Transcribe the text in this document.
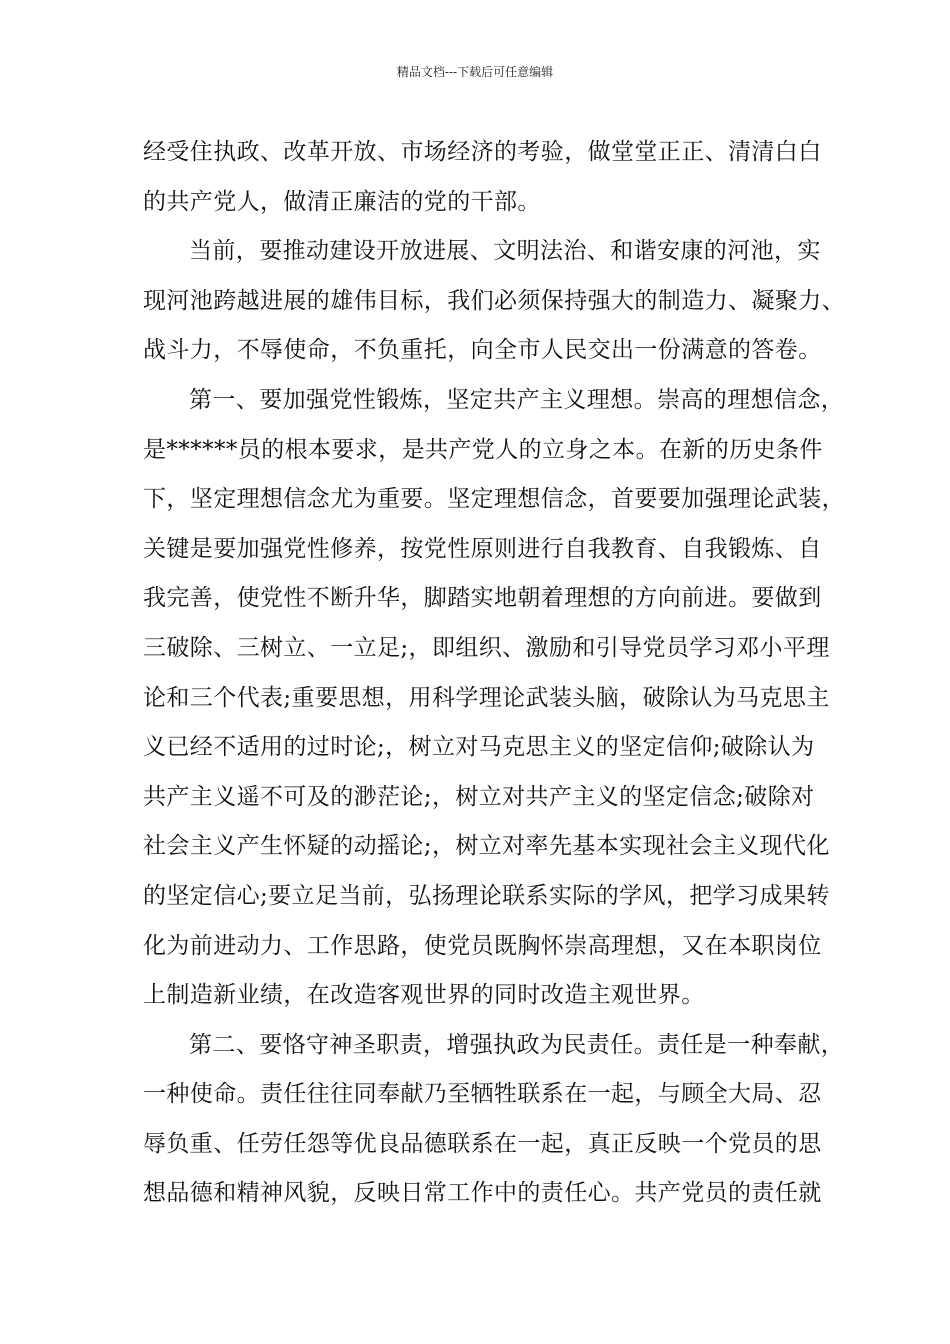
精品文档---下载后可任意编辑
经受住执政、改革开放、市场经济的考验，做堂堂正正、清清白白
的共产党人，做清正廉洁的党的干部。
当前，要推动建设开放进展、文明法治、和谐安康的河池，实
现河池跨越进展的雄伟目标，我们必须保持强大的制造力、凝聚力、
战斗力，不辱使命，不负重托，向全市人民交出一份满意的答卷。
第一、要加强党性锻炼，坚定共产主义理想。崇高的理想信念，
是******员的根本要求，是共产党人的立身之本。在新的历史条件
下，坚定理想信念尤为重要。坚定理想信念，首要要加强理论武装，
关键是要加强党性修养，按党性原则进行自我教育、自我锻炼、自
我完善，使党性不断升华，脚踏实地朝着理想的方向前进。要做到
三破除、三树立、一立足;，即组织、激励和引导党员学习邓小平理
论和三个代表;重要思想，用科学理论武装头脑，破除认为马克思主
义已经不适用的过时论;，树立对马克思主义的坚定信仰;破除认为
共产主义遥不可及的渺茫论;，树立对共产主义的坚定信念;破除对
社会主义产生怀疑的动摇论;，树立对率先基本实现社会主义现代化
的坚定信心;要立足当前，弘扬理论联系实际的学风，把学习成果转
化为前进动力、工作思路，使党员既胸怀崇高理想，又在本职岗位
上制造新业绩，在改造客观世界的同时改造主观世界。
第二、要恪守神圣职责，增强执政为民责任。责任是一种奉献，
一种使命。责任往往同奉献乃至牺牲联系在一起，与顾全大局、忍
辱负重、任劳任怨等优良品德联系在一起，真正反映一个党员的思
想品德和精神风貌，反映日常工作中的责任心。共产党员的责任就
